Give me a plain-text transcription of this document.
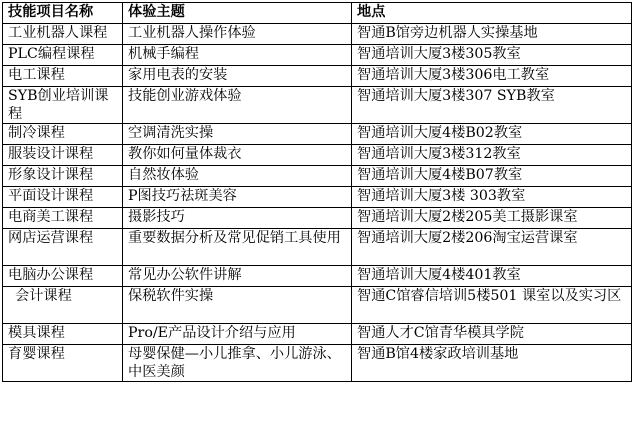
技能项目名称	体验主题	地点
工业机器人课程	工业机器人操作体验	智通B馆旁边机器人实操基地
PLC编程课程	机械手编程	智通培训大厦3楼305教室
电工课程	家用电表的安装	智通培训大厦3楼306电工教室
SYB创业培训课程	技能创业游戏体验	智通培训大厦3楼307 SYB教室
制冷课程	空调清洗实操	智通培训大厦4楼B02教室
服装设计课程	教你如何量体裁衣	智通培训大厦3楼312教室
形象设计课程	自然妆体验	智通培训大厦4楼B07教室
平面设计课程	P图技巧祛斑美容	智通培训大厦3楼 303教室
电商美工课程	摄影技巧	智通培训大厦2楼205美工摄影课室
网店运营课程	重要数据分析及常见促销工具使用	智通培训大厦2楼206淘宝运营课室
电脑办公课程	常见办公软件讲解	智通培训大厦4楼401教室
会计课程	保税软件实操	智通C馆睿信培训5楼501 课室以及实习区
模具课程	Pro/E产品设计介绍与应用	智通人才C馆青华模具学院
育婴课程	母婴保健—小儿推拿、小儿游泳、中医美颜	智通B馆4楼家政培训基地
